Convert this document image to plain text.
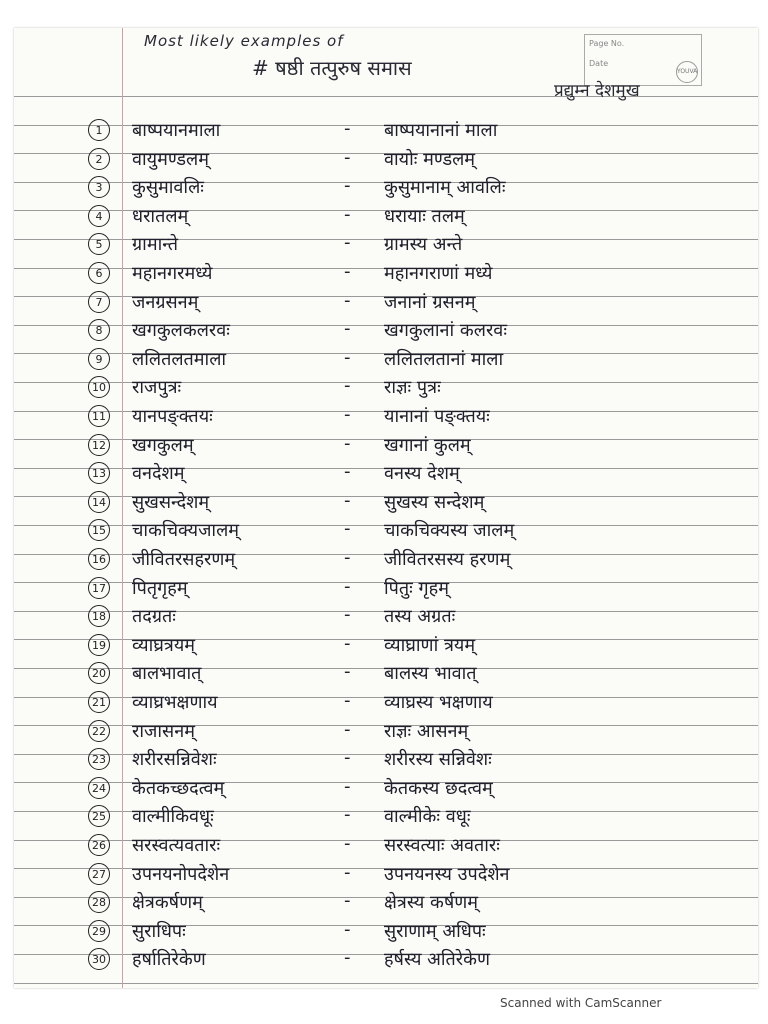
Page No.
Date
YOUVA
Most likely examples of
# षष्ठी तत्पुरुष समास
प्रद्युम्न देशमुख
1	बाष्पयानमाला	- बाष्पयानानां माला
2	वायुमण्डलम्	- वायोः मण्डलम्
3	कुसुमावलिः	- कुसुमानाम् आवलिः
4	धरातलम्	- धरायाः तलम्
5	ग्रामान्ते	- ग्रामस्य अन्ते
6	महानगरमध्ये	- महानगराणां मध्ये
7	जनग्रसनम्	- जनानां ग्रसनम्
8	खगकुलकलरवः	- खगकुलानां कलरवः
9	ललितलतमाला	- ललितलतानां माला
10 राजपुत्रः	- राज्ञः पुत्रः
11 यानपङ्क्तयः	- यानानां पङ्क्तयः
12 खगकुलम्	- खगानां कुलम्
13 वनदेशम्	- वनस्य देशम्
14 सुखसन्देशम्	- सुखस्य सन्देशम्
15 चाकचिक्यजालम्	- चाकचिक्यस्य जालम्
16 जीवितरसहरणम्	- जीवितरसस्य हरणम्
17 पितृगृहम्	- पितुः गृहम्
18 तदग्रतः	- तस्य अग्रतः
19 व्याघ्रत्रयम्	- व्याघ्राणां त्रयम्
20 बालभावात्	- बालस्य भावात्
21 व्याघ्रभक्षणाय	- व्याघ्रस्य भक्षणाय
22 राजासनम्	- राज्ञः आसनम्
23 शरीरसन्निवेशः	- शरीरस्य सन्निवेशः
24 केतकच्छदत्वम्	- केतकस्य छदत्वम्
25 वाल्मीकिवधूः	- वाल्मीकेः वधूः
26 सरस्वत्यवतारः	- सरस्वत्याः अवतारः
27 उपनयनोपदेशेन	- उपनयनस्य उपदेशेन
28 क्षेत्रकर्षणम्	- क्षेत्रस्य कर्षणम्
29 सुराधिपः	- सुराणाम् अधिपः
30 हर्षातिरेकेण	- हर्षस्य अतिरेकेण
Scanned with CamScanner
